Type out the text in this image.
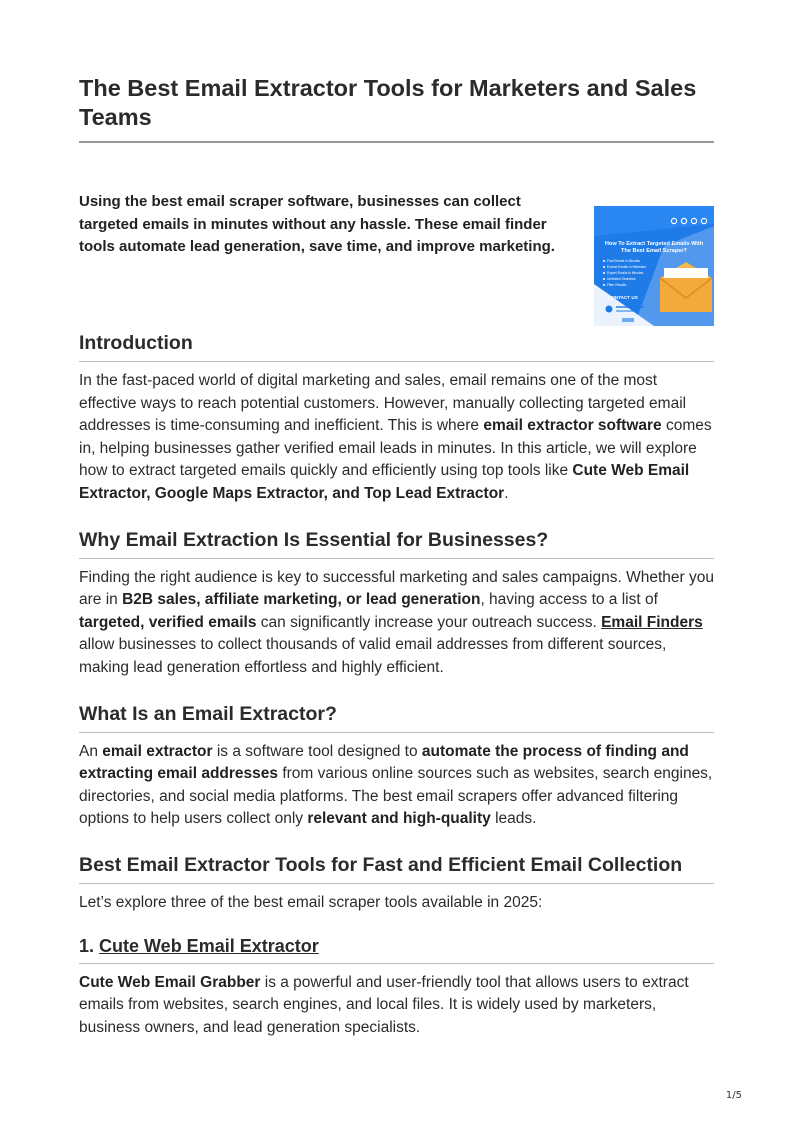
The Best Email Extractor Tools for Marketers and Sales Teams

Using the best email scraper software, businesses can collect targeted emails in minutes without any hassle. These email finder tools automate lead generation, save time, and improve marketing.	How To Extract Targeted Emails With
The Best Email Scraper?
Find Emails in Minutes
Extract Emails in Websites
Export Emails in Minutes
Unlimited Searches
Filter Results
CONTACT US
Introduction

In the fast-paced world of digital marketing and sales, email remains one of the most effective ways to reach potential customers. However, manually collecting targeted email addresses is time-consuming and inefficient. This is where email extractor software comes in, helping businesses gather verified email leads in minutes. In this article, we will explore how to extract targeted emails quickly and efficiently using top tools like Cute Web Email Extractor, Google Maps Extractor, and Top Lead Extractor.

Why Email Extraction Is Essential for Businesses?

Finding the right audience is key to successful marketing and sales campaigns. Whether you are in B2B sales, affiliate marketing, or lead generation, having access to a list of targeted, verified emails can significantly increase your outreach success. Email Finders allow businesses to collect thousands of valid email addresses from different sources, making lead generation effortless and highly efficient.

What Is an Email Extractor?

An email extractor is a software tool designed to automate the process of finding and extracting email addresses from various online sources such as websites, search engines, directories, and social media platforms. The best email scrapers offer advanced filtering options to help users collect only relevant and high-quality leads.

Best Email Extractor Tools for Fast and Efficient Email Collection

Let’s explore three of the best email scraper tools available in 2025:

1. Cute Web Email Extractor

Cute Web Email Grabber is a powerful and user-friendly tool that allows users to extract emails from websites, search engines, and local files. It is widely used by marketers, business owners, and lead generation specialists.

1/5
